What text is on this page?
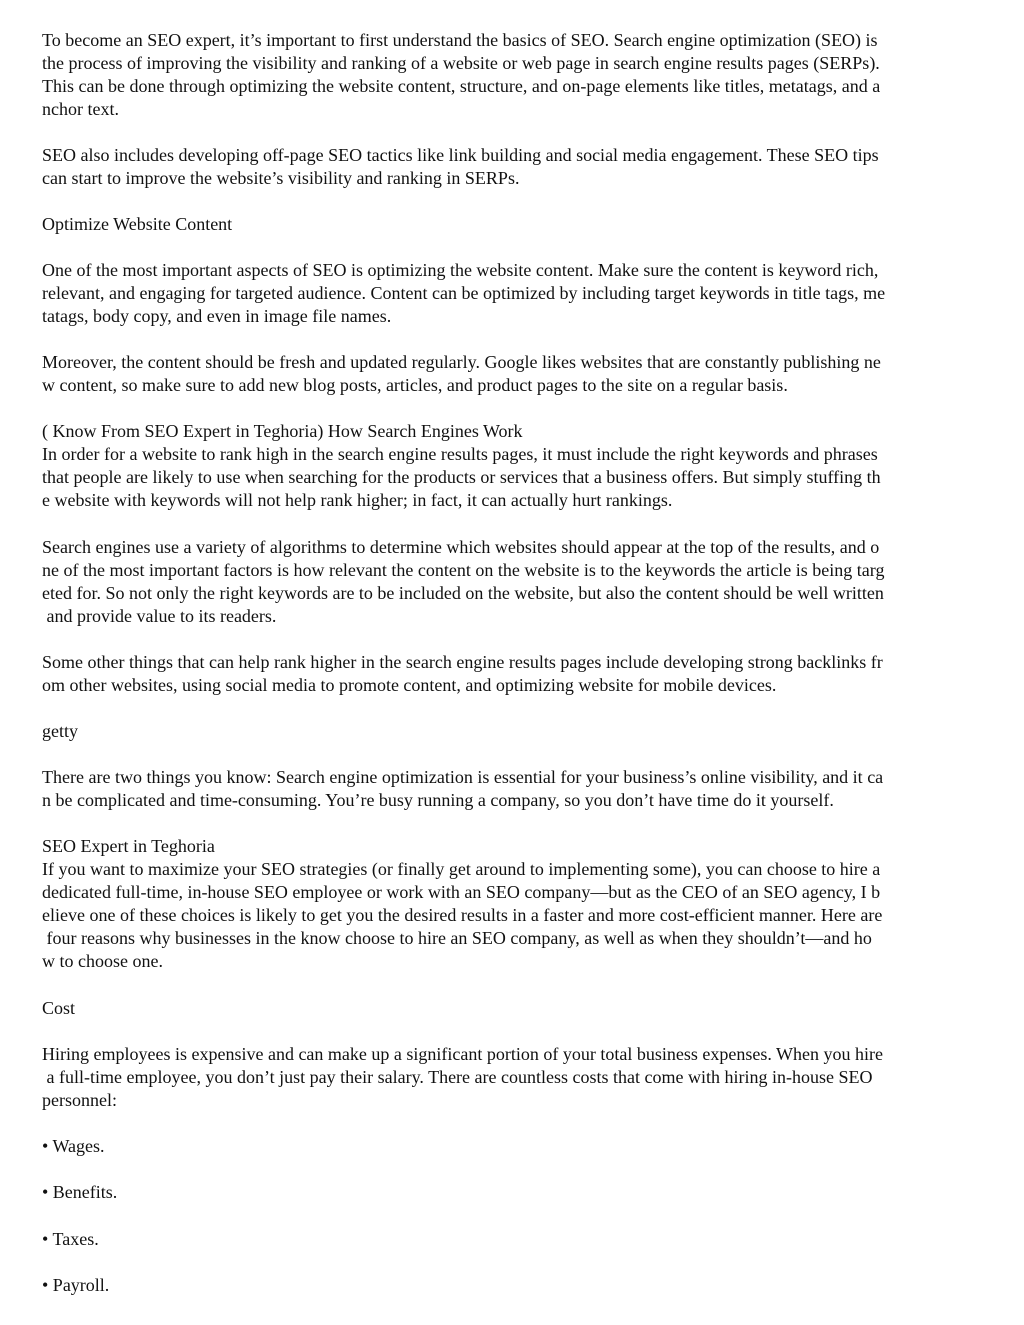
To become an SEO expert, it’s important to first understand the basics of SEO. Search engine optimization (SEO) is

the process of improving the visibility and ranking of a website or web page in search engine results pages (SERPs).

This can be done through optimizing the website content, structure, and on-page elements like titles, metatags, and a

nchor text.

SEO also includes developing off-page SEO tactics like link building and social media engagement. These SEO tips

can start to improve the website’s visibility and ranking in SERPs.

Optimize Website Content

One of the most important aspects of SEO is optimizing the website content. Make sure the content is keyword rich,

relevant, and engaging for targeted audience. Content can be optimized by including target keywords in title tags, me

tatags, body copy, and even in image file names.

Moreover, the content should be fresh and updated regularly. Google likes websites that are constantly publishing ne

w content, so make sure to add new blog posts, articles, and product pages to the site on a regular basis.

( Know From SEO Expert in Teghoria) How Search Engines Work

In order for a website to rank high in the search engine results pages, it must include the right keywords and phrases

that people are likely to use when searching for the products or services that a business offers. But simply stuffing th

e website with keywords will not help rank higher; in fact, it can actually hurt rankings.

Search engines use a variety of algorithms to determine which websites should appear at the top of the results, and o

ne of the most important factors is how relevant the content on the website is to the keywords the article is being targ

eted for. So not only the right keywords are to be included on the website, but also the content should be well written

and provide value to its readers.

Some other things that can help rank higher in the search engine results pages include developing strong backlinks fr

om other websites, using social media to promote content, and optimizing website for mobile devices.

getty

There are two things you know: Search engine optimization is essential for your business’s online visibility, and it ca

n be complicated and time-consuming. You’re busy running a company, so you don’t have time do it yourself.

SEO Expert in Teghoria

If you want to maximize your SEO strategies (or finally get around to implementing some), you can choose to hire a

dedicated full-time, in-house SEO employee or work with an SEO company—but as the CEO of an SEO agency, I b

elieve one of these choices is likely to get you the desired results in a faster and more cost-efficient manner. Here are

four reasons why businesses in the know choose to hire an SEO company, as well as when they shouldn’t—and ho

w to choose one.

Cost

Hiring employees is expensive and can make up a significant portion of your total business expenses. When you hire

a full-time employee, you don’t just pay their salary. There are countless costs that come with hiring in-house SEO

personnel:

• Wages.

• Benefits.

• Taxes.

• Payroll.
